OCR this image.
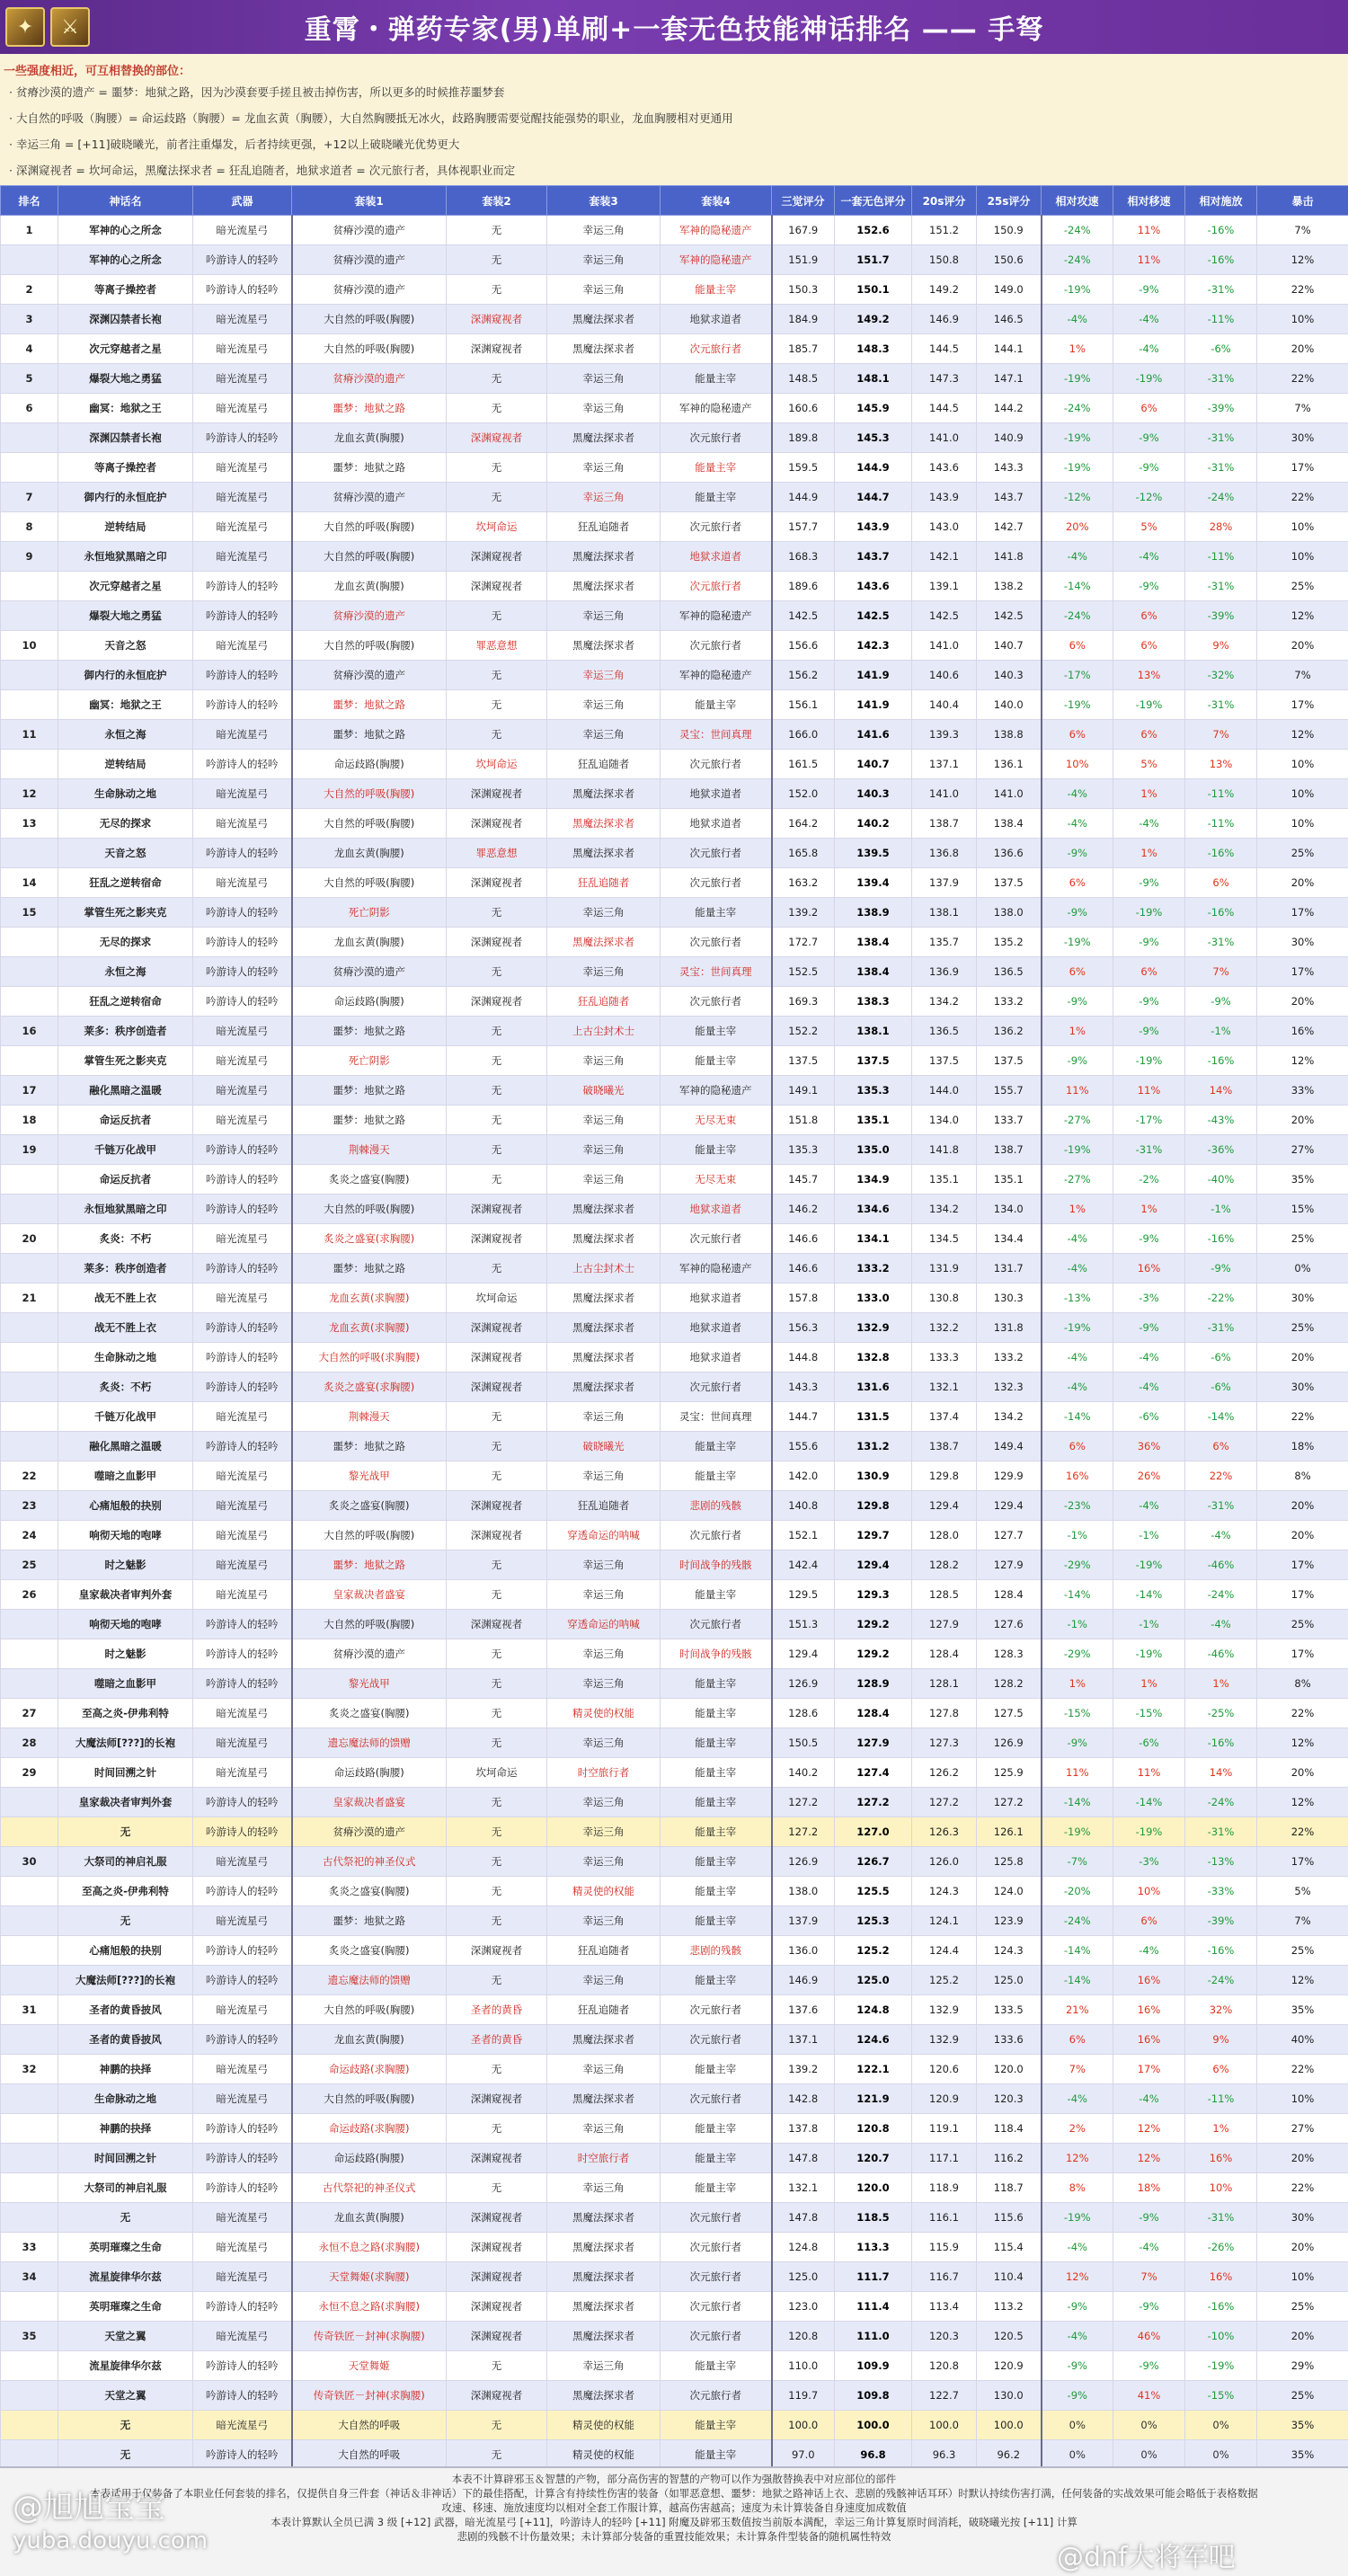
✦	⚔	重霄・弹药专家(男)单刷+一套无色技能神话排名 —— 手弩
一些强度相近，可互相替换的部位：
· 贫瘠沙漠的遗产 = 噩梦：地狱之路，因为沙漠套要手搓且被击掉伤害，所以更多的时候推荐噩梦套
· 大自然的呼吸（胸腰）= 命运歧路（胸腰）= 龙血玄黄（胸腰），大自然胸腰抵无冰火，歧路胸腰需要觉醒技能强势的职业，龙血胸腰相对更通用
· 幸运三角 = [+11]破晓曦光，前者注重爆发，后者持续更强，+12以上破晓曦光优势更大
· 深渊窥视者 = 坎坷命运，黑魔法探求者 = 狂乱追随者，地狱求道者 = 次元旅行者，具体视职业而定
排名	神话名	武器	套装1	套装2	套装3	套装4	三觉评分	一套无色评分	20s评分	25s评分	相对攻速	相对移速	相对施放	暴击
1	军神的心之所念	暗光流星弓	贫瘠沙漠的遗产	无	幸运三角	军神的隐秘遗产	167.9	152.6	151.2	150.9	-24%	11%	-16%	7%
	军神的心之所念	吟游诗人的轻吟	贫瘠沙漠的遗产	无	幸运三角	军神的隐秘遗产	151.9	151.7	150.8	150.6	-24%	11%	-16%	12%
2	等离子操控者	吟游诗人的轻吟	贫瘠沙漠的遗产	无	幸运三角	能量主宰	150.3	150.1	149.2	149.0	-19%	-9%	-31%	22%
3	深渊囚禁者长袍	暗光流星弓	大自然的呼吸(胸腰)	深渊窥视者	黑魔法探求者	地狱求道者	184.9	149.2	146.9	146.5	-4%	-4%	-11%	10%
4	次元穿越者之星	暗光流星弓	大自然的呼吸(胸腰)	深渊窥视者	黑魔法探求者	次元旅行者	185.7	148.3	144.5	144.1	1%	-4%	-6%	20%
5	爆裂大地之勇猛	暗光流星弓	贫瘠沙漠的遗产	无	幸运三角	能量主宰	148.5	148.1	147.3	147.1	-19%	-19%	-31%	22%
6	幽冥：地狱之王	暗光流星弓	噩梦：地狱之路	无	幸运三角	军神的隐秘遗产	160.6	145.9	144.5	144.2	-24%	6%	-39%	7%
	深渊囚禁者长袍	吟游诗人的轻吟	龙血玄黄(胸腰)	深渊窥视者	黑魔法探求者	次元旅行者	189.8	145.3	141.0	140.9	-19%	-9%	-31%	30%
	等离子操控者	暗光流星弓	噩梦：地狱之路	无	幸运三角	能量主宰	159.5	144.9	143.6	143.3	-19%	-9%	-31%	17%
7	御内行的永恒庇护	暗光流星弓	贫瘠沙漠的遗产	无	幸运三角	能量主宰	144.9	144.7	143.9	143.7	-12%	-12%	-24%	22%
8	逆转结局	暗光流星弓	大自然的呼吸(胸腰)	坎坷命运	狂乱追随者	次元旅行者	157.7	143.9	143.0	142.7	20%	5%	28%	10%
9	永恒地狱黑暗之印	暗光流星弓	大自然的呼吸(胸腰)	深渊窥视者	黑魔法探求者	地狱求道者	168.3	143.7	142.1	141.8	-4%	-4%	-11%	10%
	次元穿越者之星	吟游诗人的轻吟	龙血玄黄(胸腰)	深渊窥视者	黑魔法探求者	次元旅行者	189.6	143.6	139.1	138.2	-14%	-9%	-31%	25%
	爆裂大地之勇猛	吟游诗人的轻吟	贫瘠沙漠的遗产	无	幸运三角	军神的隐秘遗产	142.5	142.5	142.5	142.5	-24%	6%	-39%	12%
10	天音之怒	暗光流星弓	大自然的呼吸(胸腰)	罪恶意想	黑魔法探求者	次元旅行者	156.6	142.3	141.0	140.7	6%	6%	9%	20%
	御内行的永恒庇护	吟游诗人的轻吟	贫瘠沙漠的遗产	无	幸运三角	军神的隐秘遗产	156.2	141.9	140.6	140.3	-17%	13%	-32%	7%
	幽冥：地狱之王	吟游诗人的轻吟	噩梦：地狱之路	无	幸运三角	能量主宰	156.1	141.9	140.4	140.0	-19%	-19%	-31%	17%
11	永恒之海	暗光流星弓	噩梦：地狱之路	无	幸运三角	灵宝：世间真理	166.0	141.6	139.3	138.8	6%	6%	7%	12%
	逆转结局	吟游诗人的轻吟	命运歧路(胸腰)	坎坷命运	狂乱追随者	次元旅行者	161.5	140.7	137.1	136.1	10%	5%	13%	10%
12	生命脉动之地	暗光流星弓	大自然的呼吸(胸腰)	深渊窥视者	黑魔法探求者	地狱求道者	152.0	140.3	141.0	141.0	-4%	1%	-11%	10%
13	无尽的探求	暗光流星弓	大自然的呼吸(胸腰)	深渊窥视者	黑魔法探求者	地狱求道者	164.2	140.2	138.7	138.4	-4%	-4%	-11%	10%
	天音之怒	吟游诗人的轻吟	龙血玄黄(胸腰)	罪恶意想	黑魔法探求者	次元旅行者	165.8	139.5	136.8	136.6	-9%	1%	-16%	25%
14	狂乱之逆转宿命	暗光流星弓	大自然的呼吸(胸腰)	深渊窥视者	狂乱追随者	次元旅行者	163.2	139.4	137.9	137.5	6%	-9%	6%	20%
15	掌管生死之影夹克	吟游诗人的轻吟	死亡阴影	无	幸运三角	能量主宰	139.2	138.9	138.1	138.0	-9%	-19%	-16%	17%
	无尽的探求	吟游诗人的轻吟	龙血玄黄(胸腰)	深渊窥视者	黑魔法探求者	次元旅行者	172.7	138.4	135.7	135.2	-19%	-9%	-31%	30%
	永恒之海	吟游诗人的轻吟	贫瘠沙漠的遗产	无	幸运三角	灵宝：世间真理	152.5	138.4	136.9	136.5	6%	6%	7%	17%
	狂乱之逆转宿命	吟游诗人的轻吟	命运歧路(胸腰)	深渊窥视者	狂乱追随者	次元旅行者	169.3	138.3	134.2	133.2	-9%	-9%	-9%	20%
16	莱多：秩序创造者	暗光流星弓	噩梦：地狱之路	无	上古尘封术士	能量主宰	152.2	138.1	136.5	136.2	1%	-9%	-1%	16%
	掌管生死之影夹克	暗光流星弓	死亡阴影	无	幸运三角	能量主宰	137.5	137.5	137.5	137.5	-9%	-19%	-16%	12%
17	融化黑暗之温暖	暗光流星弓	噩梦：地狱之路	无	破晓曦光	军神的隐秘遗产	149.1	135.3	144.0	155.7	11%	11%	14%	33%
18	命运反抗者	暗光流星弓	噩梦：地狱之路	无	幸运三角	无尽无束	151.8	135.1	134.0	133.7	-27%	-17%	-43%	20%
19	千链万化战甲	吟游诗人的轻吟	荆棘漫天	无	幸运三角	能量主宰	135.3	135.0	141.8	138.7	-19%	-31%	-36%	27%
	命运反抗者	吟游诗人的轻吟	炙炎之盛宴(胸腰)	无	幸运三角	无尽无束	145.7	134.9	135.1	135.1	-27%	-2%	-40%	35%
	永恒地狱黑暗之印	吟游诗人的轻吟	大自然的呼吸(胸腰)	深渊窥视者	黑魔法探求者	地狱求道者	146.2	134.6	134.2	134.0	1%	1%	-1%	15%
20	炙炎：不朽	暗光流星弓	炙炎之盛宴(求胸腰)	深渊窥视者	黑魔法探求者	次元旅行者	146.6	134.1	134.5	134.4	-4%	-9%	-16%	25%
	莱多：秩序创造者	吟游诗人的轻吟	噩梦：地狱之路	无	上古尘封术士	军神的隐秘遗产	146.6	133.2	131.9	131.7	-4%	16%	-9%	0%
21	战无不胜上衣	暗光流星弓	龙血玄黄(求胸腰)	坎坷命运	黑魔法探求者	地狱求道者	157.8	133.0	130.8	130.3	-13%	-3%	-22%	30%
	战无不胜上衣	吟游诗人的轻吟	龙血玄黄(求胸腰)	深渊窥视者	黑魔法探求者	地狱求道者	156.3	132.9	132.2	131.8	-19%	-9%	-31%	25%
	生命脉动之地	吟游诗人的轻吟	大自然的呼吸(求胸腰)	深渊窥视者	黑魔法探求者	地狱求道者	144.8	132.8	133.3	133.2	-4%	-4%	-6%	20%
	炙炎：不朽	吟游诗人的轻吟	炙炎之盛宴(求胸腰)	深渊窥视者	黑魔法探求者	次元旅行者	143.3	131.6	132.1	132.3	-4%	-4%	-6%	30%
	千链万化战甲	暗光流星弓	荆棘漫天	无	幸运三角	灵宝：世间真理	144.7	131.5	137.4	134.2	-14%	-6%	-14%	22%
	融化黑暗之温暖	吟游诗人的轻吟	噩梦：地狱之路	无	破晓曦光	能量主宰	155.6	131.2	138.7	149.4	6%	36%	6%	18%
22	噬暗之血影甲	暗光流星弓	黎光战甲	无	幸运三角	能量主宰	142.0	130.9	129.8	129.9	16%	26%	22%	8%
23	心痛旭般的抉别	暗光流星弓	炙炎之盛宴(胸腰)	深渊窥视者	狂乱追随者	悲剧的残骸	140.8	129.8	129.4	129.4	-23%	-4%	-31%	20%
24	响彻天地的咆哮	暗光流星弓	大自然的呼吸(胸腰)	深渊窥视者	穿透命运的呐喊	次元旅行者	152.1	129.7	128.0	127.7	-1%	-1%	-4%	20%
25	时之魅影	暗光流星弓	噩梦：地狱之路	无	幸运三角	时间战争的残骸	142.4	129.4	128.2	127.9	-29%	-19%	-46%	17%
26	皇家裁决者审判外套	暗光流星弓	皇家裁决者盛宴	无	幸运三角	能量主宰	129.5	129.3	128.5	128.4	-14%	-14%	-24%	17%
	响彻天地的咆哮	吟游诗人的轻吟	大自然的呼吸(胸腰)	深渊窥视者	穿透命运的呐喊	次元旅行者	151.3	129.2	127.9	127.6	-1%	-1%	-4%	25%
	时之魅影	吟游诗人的轻吟	贫瘠沙漠的遗产	无	幸运三角	时间战争的残骸	129.4	129.2	128.4	128.3	-29%	-19%	-46%	17%
	噬暗之血影甲	吟游诗人的轻吟	黎光战甲	无	幸运三角	能量主宰	126.9	128.9	128.1	128.2	1%	1%	1%	8%
27	至高之炎-伊弗利特	暗光流星弓	炙炎之盛宴(胸腰)	无	精灵使的权能	能量主宰	128.6	128.4	127.8	127.5	-15%	-15%	-25%	22%
28	大魔法师[???]的长袍	暗光流星弓	遗忘魔法师的馈赠	无	幸运三角	能量主宰	150.5	127.9	127.3	126.9	-9%	-6%	-16%	12%
29	时间回溯之针	暗光流星弓	命运歧路(胸腰)	坎坷命运	时空旅行者	能量主宰	140.2	127.4	126.2	125.9	11%	11%	14%	20%
	皇家裁决者审判外套	吟游诗人的轻吟	皇家裁决者盛宴	无	幸运三角	能量主宰	127.2	127.2	127.2	127.2	-14%	-14%	-24%	12%
	无	吟游诗人的轻吟	贫瘠沙漠的遗产	无	幸运三角	能量主宰	127.2	127.0	126.3	126.1	-19%	-19%	-31%	22%
30	大祭司的神启礼服	暗光流星弓	古代祭祀的神圣仪式	无	幸运三角	能量主宰	126.9	126.7	126.0	125.8	-7%	-3%	-13%	17%
	至高之炎-伊弗利特	吟游诗人的轻吟	炙炎之盛宴(胸腰)	无	精灵使的权能	能量主宰	138.0	125.5	124.3	124.0	-20%	10%	-33%	5%
	无	暗光流星弓	噩梦：地狱之路	无	幸运三角	能量主宰	137.9	125.3	124.1	123.9	-24%	6%	-39%	7%
	心痛旭般的抉别	吟游诗人的轻吟	炙炎之盛宴(胸腰)	深渊窥视者	狂乱追随者	悲剧的残骸	136.0	125.2	124.4	124.3	-14%	-4%	-16%	25%
	大魔法师[???]的长袍	吟游诗人的轻吟	遗忘魔法师的馈赠	无	幸运三角	能量主宰	146.9	125.0	125.2	125.0	-14%	16%	-24%	12%
31	圣者的黄昏披风	暗光流星弓	大自然的呼吸(胸腰)	圣者的黄昏	狂乱追随者	次元旅行者	137.6	124.8	132.9	133.5	21%	16%	32%	35%
	圣者的黄昏披风	吟游诗人的轻吟	龙血玄黄(胸腰)	圣者的黄昏	黑魔法探求者	次元旅行者	137.1	124.6	132.9	133.6	6%	16%	9%	40%
32	神鹏的抉择	暗光流星弓	命运歧路(求胸腰)	无	幸运三角	能量主宰	139.2	122.1	120.6	120.0	7%	17%	6%	22%
	生命脉动之地	暗光流星弓	大自然的呼吸(胸腰)	深渊窥视者	黑魔法探求者	次元旅行者	142.8	121.9	120.9	120.3	-4%	-4%	-11%	10%
	神鹏的抉择	吟游诗人的轻吟	命运歧路(求胸腰)	无	幸运三角	能量主宰	137.8	120.8	119.1	118.4	2%	12%	1%	27%
	时间回溯之针	吟游诗人的轻吟	命运歧路(胸腰)	深渊窥视者	时空旅行者	能量主宰	147.8	120.7	117.1	116.2	12%	12%	16%	20%
	大祭司的神启礼服	吟游诗人的轻吟	古代祭祀的神圣仪式	无	幸运三角	能量主宰	132.1	120.0	118.9	118.7	8%	18%	10%	22%
	无	暗光流星弓	龙血玄黄(胸腰)	深渊窥视者	黑魔法探求者	次元旅行者	147.8	118.5	116.1	115.6	-19%	-9%	-31%	30%
33	英明璀璨之生命	暗光流星弓	永恒不息之路(求胸腰)	深渊窥视者	黑魔法探求者	次元旅行者	124.8	113.3	115.9	115.4	-4%	-4%	-26%	20%
34	流星旋律华尔兹	暗光流星弓	天堂舞姬(求胸腰)	深渊窥视者	黑魔法探求者	次元旅行者	125.0	111.7	116.7	110.4	12%	7%	16%	10%
	英明璀璨之生命	吟游诗人的轻吟	永恒不息之路(求胸腰)	深渊窥视者	黑魔法探求者	次元旅行者	123.0	111.4	113.4	113.2	-9%	-9%	-16%	25%
35	天堂之翼	暗光流星弓	传奇铁匠－封神(求胸腰)	深渊窥视者	黑魔法探求者	次元旅行者	120.8	111.0	120.3	120.5	-4%	46%	-10%	20%
	流星旋律华尔兹	吟游诗人的轻吟	天堂舞姬	无	幸运三角	能量主宰	110.0	109.9	120.8	120.9	-9%	-9%	-19%	29%
	天堂之翼	吟游诗人的轻吟	传奇铁匠－封神(求胸腰)	深渊窥视者	黑魔法探求者	次元旅行者	119.7	109.8	122.7	130.0	-9%	41%	-15%	25%
	无	暗光流星弓	大自然的呼吸	无	精灵使的权能	能量主宰	100.0	100.0	100.0	100.0	0%	0%	0%	35%
	无	吟游诗人的轻吟	大自然的呼吸	无	精灵使的权能	能量主宰	97.0	96.8	96.3	96.2	0%	0%	0%	35%
本表不计算辟邪玉＆智慧的产物，部分高伤害的智慧的产物可以作为强散替换表中对应部位的部件
本表适用于仅装备了本职业任何套装的排名，仅提供自身三件套（神话＆非神话）下的最佳搭配，计算含有持续性伤害的装备（如罪恶意想、噩梦：地狱之路神话上衣、悲剧的残骸神话耳环）时默认持续伤害打满，任何装备的实战效果可能会略低于表格数据
攻速、移速、施放速度均以相对全套工作服计算，越高伤害越高；速度为未计算装备自身速度加成数值
本表计算默认全员已满 3 级 [+12] 武器，暗光流星弓 [+11]，吟游诗人的轻吟 [+11] 附魔及辟邪玉数值按当前版本满配，幸运三角计算复原时间消耗，破晓曦光按 [+11] 计算
悲剧的残骸不计伤量效果；未计算部分装备的重置技能效果；未计算条件型装备的随机属性特效
@旭旭宝宝
yuba.douyu.com
@dnf大将军吧
